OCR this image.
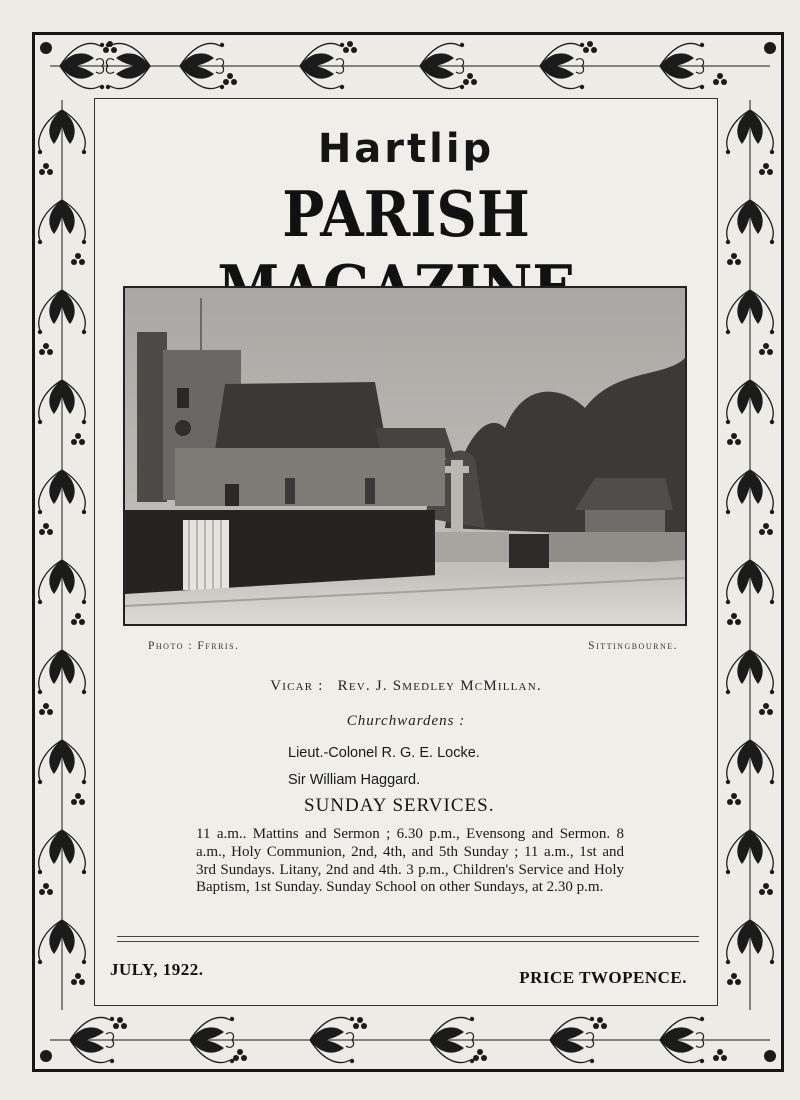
Hartlip
PARISH
Photo : Ffrris.	Sittingbourne.
Vicar : Rev. J. Smedley McMillan.
Churchwardens :
Lieut.-Colonel R. G. E. Locke.
Sir William Haggard.
SUNDAY SERVICES.
11 a.m.. Mattins and Sermon ; 6.30 p.m., Evensong and Sermon. 8 a.m., Holy Communion, 2nd, 4th, and 5th Sunday ; 11 a.m., 1st and 3rd Sundays. Litany, 2nd and 4th. 3 p.m., Children's Service and Holy Baptism, 1st Sunday. Sunday School on other Sundays, at 2.30 p.m.
JULY, 1922.	PRICE TWOPENCE.
